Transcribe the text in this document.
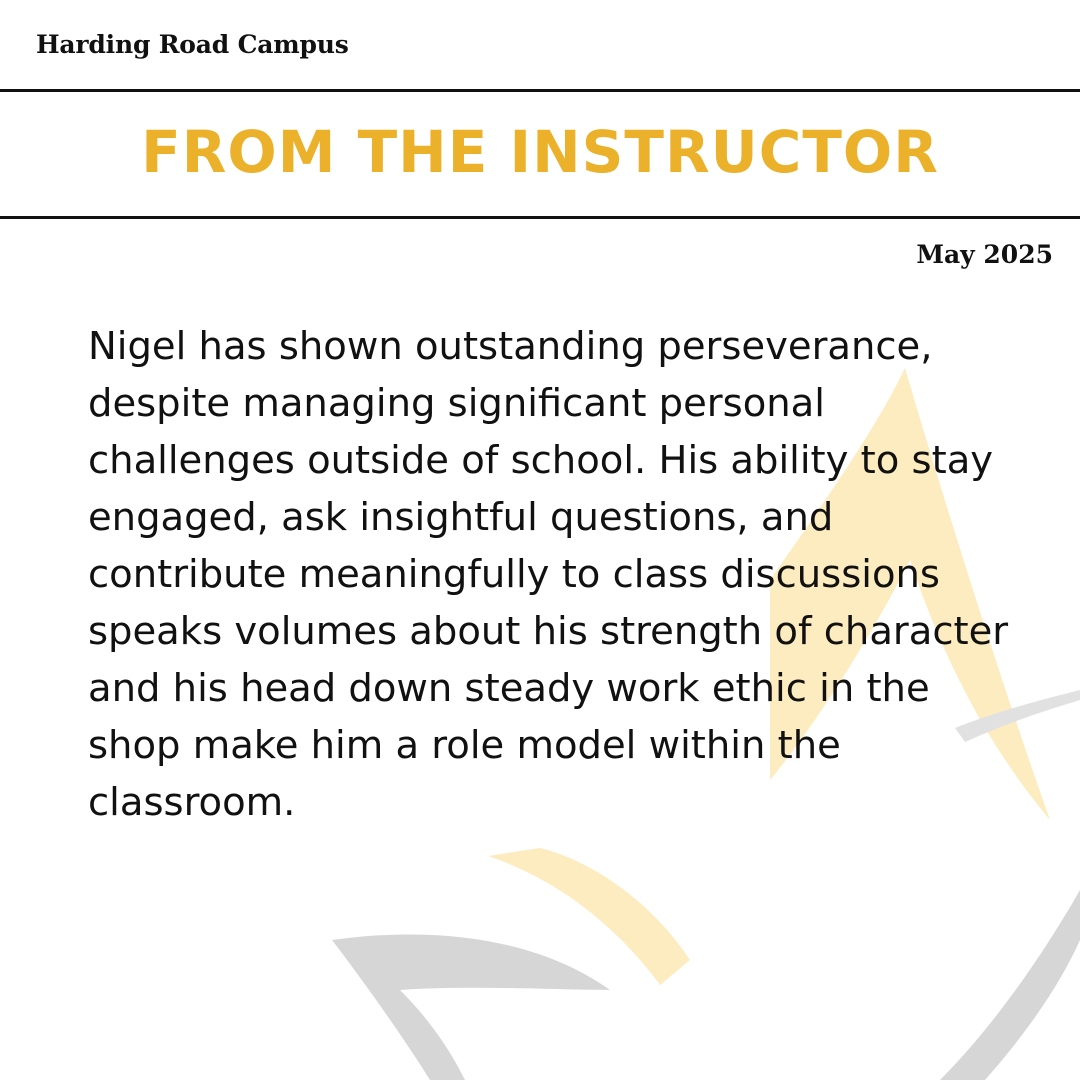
Harding Road Campus
FROM THE INSTRUCTOR

May 2025

Nigel has shown outstanding perseverance, despite managing significant personal challenges outside of school. His ability to stay engaged, ask insightful questions, and contribute meaningfully to class discussions speaks volumes about his strength of character and his head down steady work ethic in the shop make him a role model within the classroom.
